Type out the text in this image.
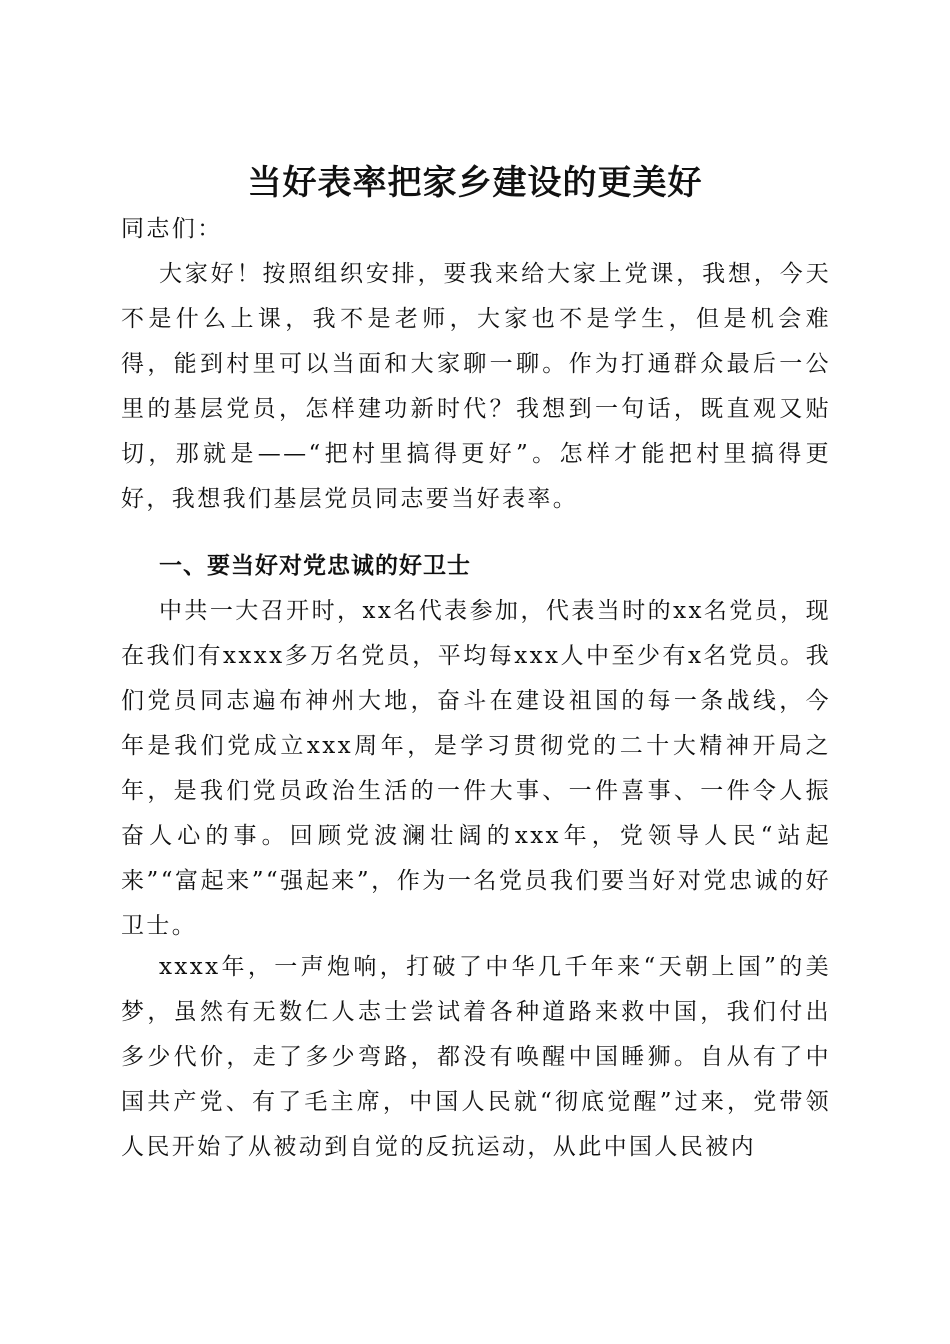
当好表率把家乡建设的更美好

同志们：

大家好！按照组织安排，要我来给大家上党课，我想，今天不是什么上课，我不是老师，大家也不是学生，但是机会难得，能到村里可以当面和大家聊一聊。作为打通群众最后一公里的基层党员，怎样建功新时代？我想到一句话，既直观又贴切，那就是——“把村里搞得更好”。怎样才能把村里搞得更好，我想我们基层党员同志要当好表率。

一、要当好对党忠诚的好卫士

中共一大召开时，xx名代表参加，代表当时的xx名党员，现在我们有xxxx多万名党员，平均每xxx人中至少有x名党员。我们党员同志遍布神州大地，奋斗在建设祖国的每一条战线，今年是我们党成立xxx周年，是学习贯彻党的二十大精神开局之年，是我们党员政治生活的一件大事、一件喜事、一件令人振奋人心的事。回顾党波澜壮阔的xxx年，党领导人民“站起来”“富起来”“强起来”，作为一名党员我们要当好对党忠诚的好卫士。

xxxx年，一声炮响，打破了中华几千年来“天朝上国”的美梦，虽然有无数仁人志士尝试着各种道路来救中国，我们付出多少代价，走了多少弯路，都没有唤醒中国睡狮。自从有了中国共产党、有了毛主席，中国人民就“彻底觉醒”过来，党带领人民开始了从被动到自觉的反抗运动，从此中国人民被内
